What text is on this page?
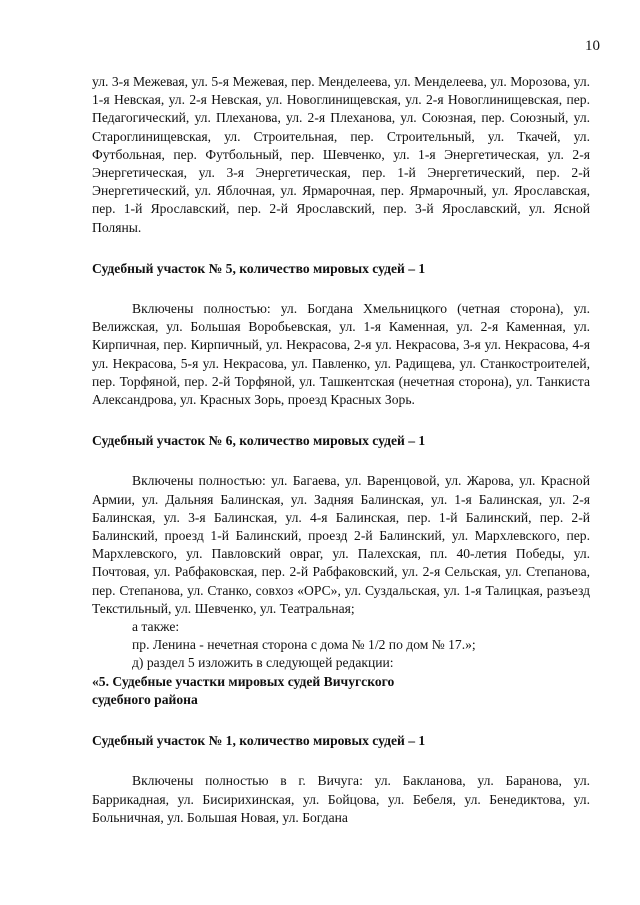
10

ул. 3-я Межевая, ул. 5-я Межевая, пер. Менделеева, ул. Менделеева, ул. Морозова, ул. 1-я Невская, ул. 2-я Невская, ул. Новоглинищевская, ул. 2-я Новоглинищевская, пер. Педагогический, ул. Плеханова, ул. 2-я Плеханова, ул. Союзная, пер. Союзный, ул. Староглинищевская, ул. Строительная, пер. Строительный, ул. Ткачей, ул. Футбольная, пер. Футбольный, пер. Шевченко, ул. 1-я Энергетическая, ул. 2-я Энергетическая, ул. 3-я Энергетическая, пер. 1-й Энергетический, пер. 2-й Энергетический, ул. Яблочная, ул. Ярмарочная, пер. Ярмарочный, ул. Ярославская, пер. 1-й Ярославский, пер. 2-й Ярославский, пер. 3-й Ярославский, ул. Ясной Поляны.

Судебный участок № 5, количество мировых судей – 1

Включены полностью: ул. Богдана Хмельницкого (четная сторона), ул. Велижская, ул. Большая Воробьевская, ул. 1-я Каменная, ул. 2-я Каменная, ул. Кирпичная, пер. Кирпичный, ул. Некрасова, 2-я ул. Некрасова, 3-я ул. Некрасова, 4-я ул. Некрасова, 5-я ул. Некрасова, ул. Павленко, ул. Радищева, ул. Станкостроителей, пер. Торфяной, пер. 2-й Торфяной, ул. Ташкентская (нечетная сторона), ул. Танкиста Александрова, ул. Красных Зорь, проезд Красных Зорь.

Судебный участок № 6, количество мировых судей – 1

Включены полностью: ул. Багаева, ул. Варенцовой, ул. Жарова, ул. Красной Армии, ул. Дальняя Балинская, ул. Задняя Балинская, ул. 1-я Балинская, ул. 2-я Балинская, ул. 3-я Балинская, ул. 4-я Балинская, пер. 1-й Балинский, пер. 2-й Балинский, проезд 1-й Балинский, проезд 2-й Балинский, ул. Мархлевского, пер. Мархлевского, ул. Павловский овраг, ул. Палехская, пл. 40-летия Победы, ул. Почтовая, ул. Рабфаковская, пер. 2-й Рабфаковский, ул. 2-я Сельская, ул. Степанова, пер. Степанова, ул. Станко, совхоз «ОРС», ул. Суздальская, ул. 1-я Талицкая, разъезд Текстильный, ул. Шевченко, ул. Театральная;

а также:

пр. Ленина - нечетная сторона с дома № 1/2 по дом № 17.»;

д) раздел 5 изложить в следующей редакции:

«5. Судебные участки мировых судей Вичугского

судебного района

Судебный участок № 1, количество мировых судей – 1

Включены полностью в г. Вичуга: ул. Бакланова, ул. Баранова, ул. Баррикадная, ул. Бисирихинская, ул. Бойцова, ул. Бебеля, ул. Бенедиктова, ул. Больничная, ул. Большая Новая, ул. Богдана
